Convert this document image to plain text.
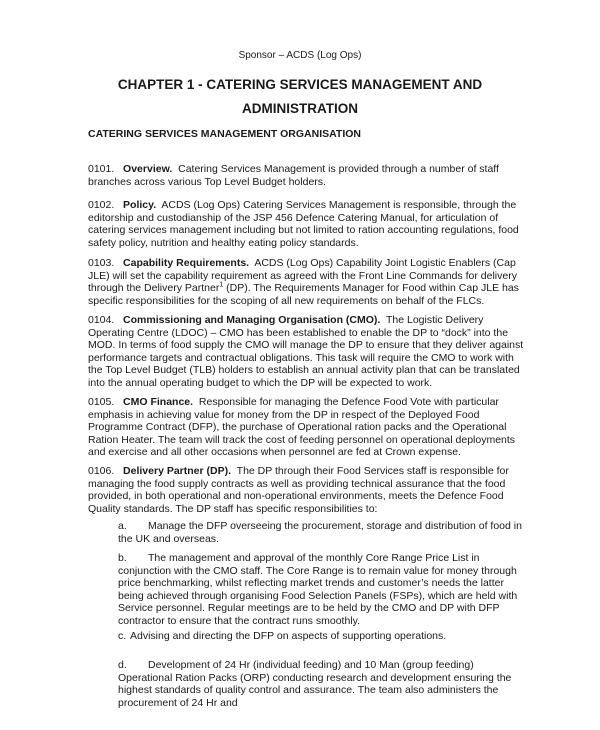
Sponsor – ACDS (Log Ops)
CHAPTER 1 - CATERING SERVICES MANAGEMENT AND
ADMINISTRATION
CATERING SERVICES MANAGEMENT ORGANISATION

0101. Overview. Catering Services Management is provided through a number of staff branches across various Top Level Budget holders.

0102. Policy. ACDS (Log Ops) Catering Services Management is responsible, through the editorship and custodianship of the JSP 456 Defence Catering Manual, for articulation of catering services management including but not limited to ration accounting regulations, food safety policy, nutrition and healthy eating policy standards.

0103. Capability Requirements. ACDS (Log Ops) Capability Joint Logistic Enablers (Cap JLE) will set the capability requirement as agreed with the Front Line Commands for delivery through the Delivery Partner$^1$ (DP). The Requirements Manager for Food within Cap JLE has specific responsibilities for the scoping of all new requirements on behalf of the FLCs.

0104. Commissioning and Managing Organisation (CMO). The Logistic Delivery Operating Centre (LDOC) – CMO has been established to enable the DP to “dock” into the MOD. In terms of food supply the CMO will manage the DP to ensure that they deliver against performance targets and contractual obligations. This task will require the CMO to work with the Top Level Budget (TLB) holders to establish an annual activity plan that can be translated into the annual operating budget to which the DP will be expected to work.

0105. CMO Finance. Responsible for managing the Defence Food Vote with particular emphasis in achieving value for money from the DP in respect of the Deployed Food Programme Contract (DFP), the purchase of Operational ration packs and the Operational Ration Heater. The team will track the cost of feeding personnel on operational deployments and exercise and all other occasions when personnel are fed at Crown expense.

0106. Delivery Partner (DP). The DP through their Food Services staff is responsible for managing the food supply contracts as well as providing technical assurance that the food provided, in both operational and non-operational environments, meets the Defence Food Quality standards. The DP staff has specific responsibilities to:

a. Manage the DFP overseeing the procurement, storage and distribution of food in the UK and overseas.

b. The management and approval of the monthly Core Range Price List in conjunction with the CMO staff. The Core Range is to remain value for money through price benchmarking, whilst reflecting market trends and customer’s needs the latter being achieved through organising Food Selection Panels (FSPs), which are held with Service personnel. Regular meetings are to be held by the CMO and DP with DFP contractor to ensure that the contract runs smoothly.

c. Advising and directing the DFP on aspects of supporting operations.

d. Development of 24 Hr (individual feeding) and 10 Man (group feeding) Operational Ration Packs (ORP) conducting research and development ensuring the highest standards of quality control and assurance. The team also administers the procurement of 24 Hr and
